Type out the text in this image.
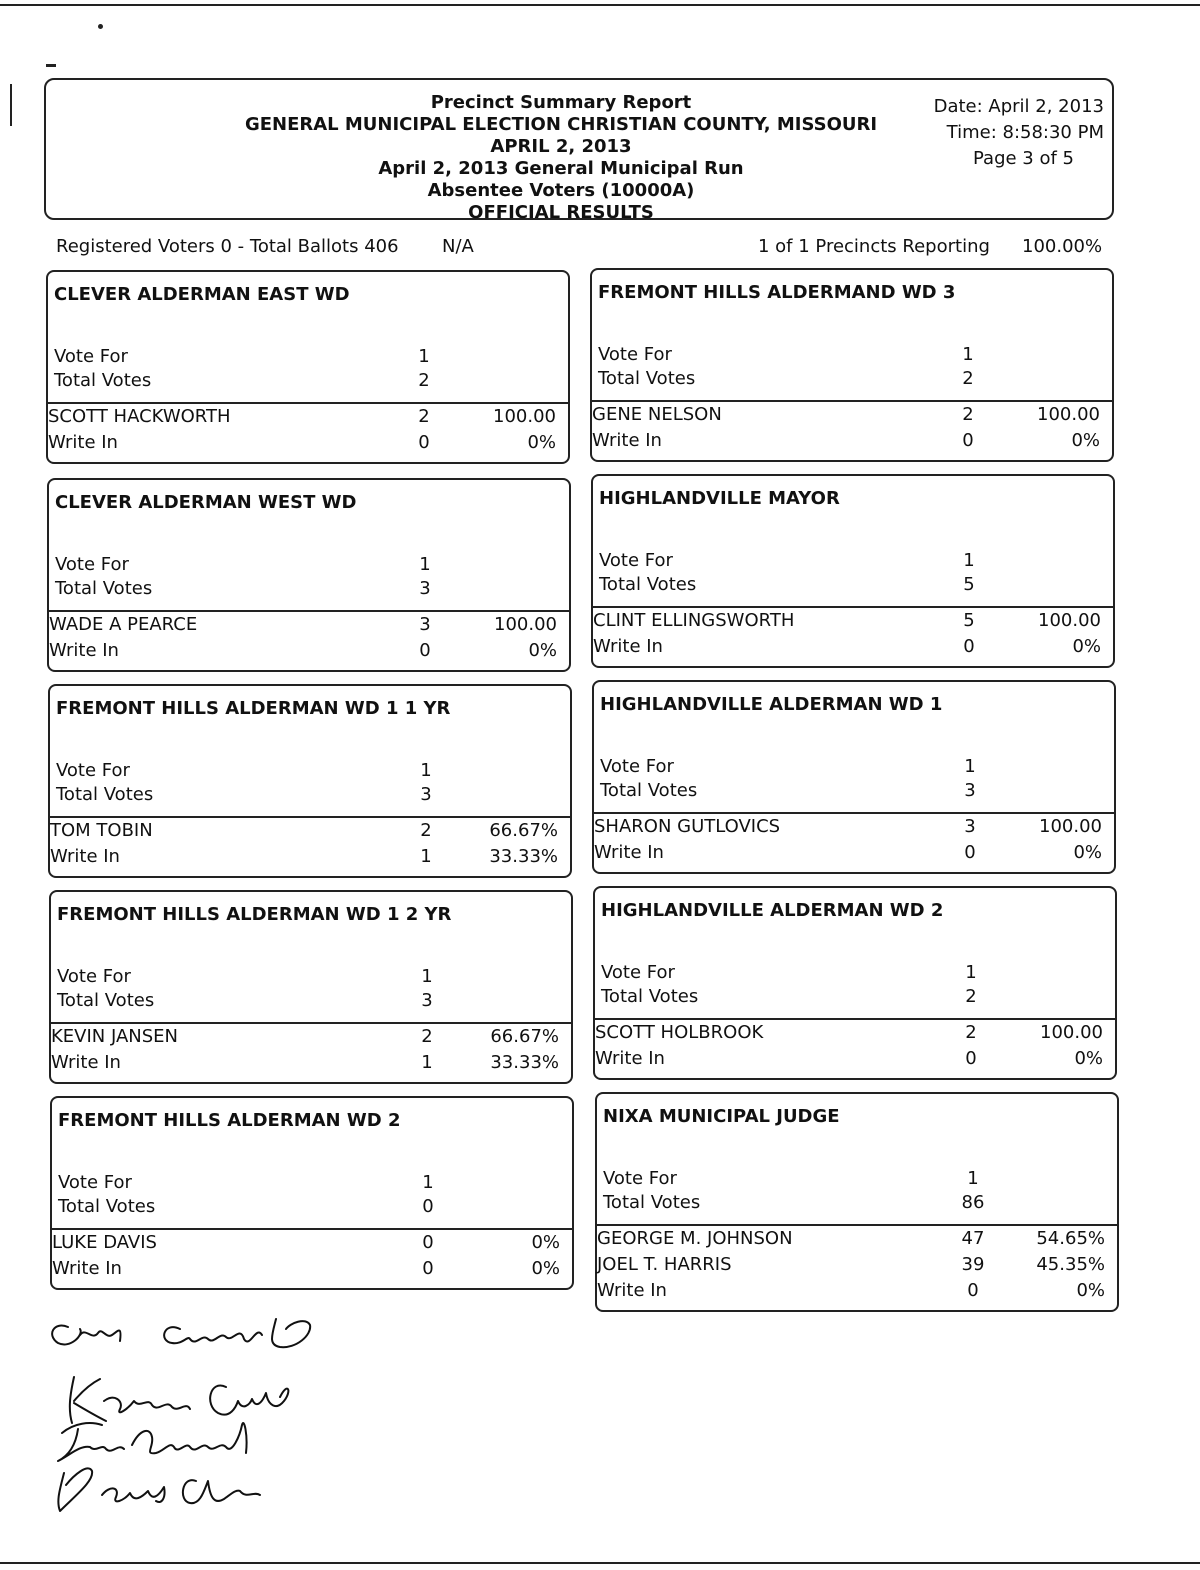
Precinct Summary Report
GENERAL MUNICIPAL ELECTION CHRISTIAN COUNTY, MISSOURI
APRIL 2, 2013
April 2, 2013 General Municipal Run
Absentee Voters (10000A)
OFFICIAL RESULTS
Date: April 2, 2013
Time: 8:58:30 PM
Page 3 of 5
Registered Voters 0 - Total Ballots 406 N/A	1 of 1 Precincts Reporting 100.00%
CLEVER ALDERMAN EAST WD
Vote For	1
Total Votes	2
SCOTT HACKWORTH	2	100.00
Write In	0	0%
FREMONT HILLS ALDERMAND WD 3
Vote For	1
Total Votes	2
GENE NELSON	2	100.00
Write In	0	0%
CLEVER ALDERMAN WEST WD
Vote For	1
Total Votes	3
WADE A PEARCE	3	100.00
Write In	0	0%
HIGHLANDVILLE MAYOR
Vote For	1
Total Votes	5
CLINT ELLINGSWORTH	5	100.00
Write In	0	0%
FREMONT HILLS ALDERMAN WD 1 1 YR
Vote For	1
Total Votes	3
TOM TOBIN	2	66.67%
Write In	1	33.33%
HIGHLANDVILLE ALDERMAN WD 1
Vote For	1
Total Votes	3
SHARON GUTLOVICS	3	100.00
Write In	0	0%
FREMONT HILLS ALDERMAN WD 1 2 YR
Vote For	1
Total Votes	3
KEVIN JANSEN	2	66.67%
Write In	1	33.33%
HIGHLANDVILLE ALDERMAN WD 2
Vote For	1
Total Votes	2
SCOTT HOLBROOK	2	100.00
Write In	0	0%
FREMONT HILLS ALDERMAN WD 2
Vote For	1
Total Votes	0
LUKE DAVIS	0	0%
Write In	0	0%
NIXA MUNICIPAL JUDGE
Vote For	1
Total Votes	86
GEORGE M. JOHNSON	47	54.65%
JOEL T. HARRIS	39	45.35%
Write In	0	0%
